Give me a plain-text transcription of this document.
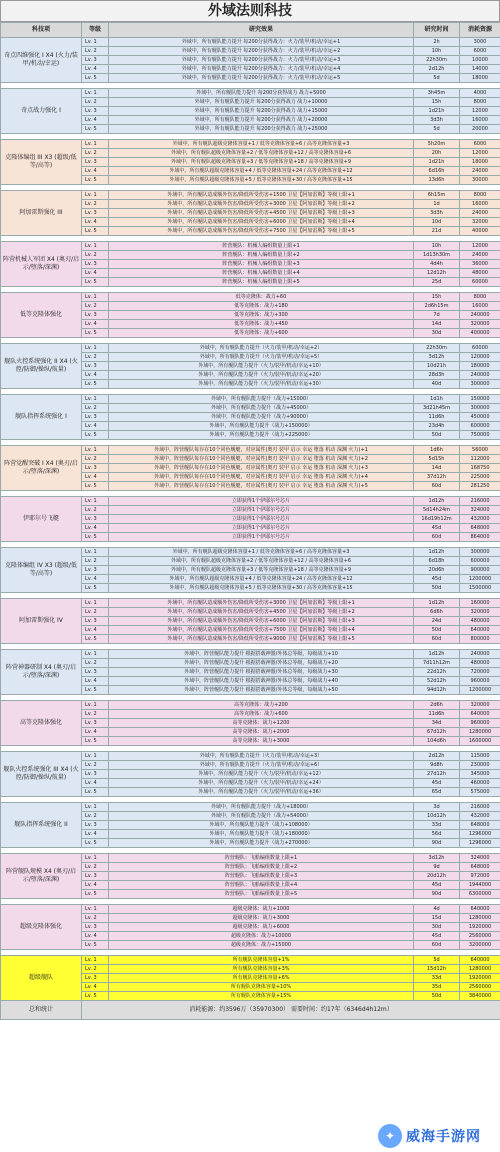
外域法则科技
科技项	等级	研究效果	研究时间	消耗资源
奇点四维强化 I X4 (火力/装甲/机动/幸运)	Lv. 1	外域中，所有舰队能力提升 每200分获得战力：火力/装甲/机动/幸运+1	2h	3000
	Lv. 2	外域中，所有舰队能力提升 每200分获得战力：火力/装甲/机动/幸运+2	10h	6000
	Lv. 3	外域中，所有舰队能力提升 每200分获得战力：火力/装甲/机动/幸运+3	22h30m	10000
	Lv. 4	外域中，所有舰队能力提升 每200分获得战力：火力/装甲/机动/幸运+4	2d12h	14000
	Lv. 5	外域中，所有舰队能力提升 每200分获得战力：火力/装甲/机动/幸运+5	5d	18000

奇点战力强化 I	Lv. 1	外域中，所有舰队能力提升 每200分获得战力 战力+5000	3h45m	4000
	Lv. 2	外域中，所有舰队能力提升 每200分获得战力 战力+10000	15h	8000
	Lv. 3	外域中，所有舰队能力提升 每200分获得战力 战力+15000	1d21h	12000
	Lv. 4	外域中，所有舰队能力提升 每200分获得战力 战力+20000	3d3h	16000
	Lv. 5	外域中，所有舰队能力提升 每200分获得战力 战力+25000	5d	20000

克隆体编组 III X3 (超级/低等/高等)	Lv. 1	外域中，所有舰队超级克隆体容量+1 / 低等克隆体容量+6 / 高等克隆体容量+3	5h20m	6000
	Lv. 2	外域中，所有舰队超级克隆体容量+2 / 低等克隆体容量+12 / 高等克隆体容量+6	20h	12000
	Lv. 3	外域中，所有舰队超级克隆体容量+3 / 低等克隆体容量+18 / 高等克隆体容量+9	1d21h	18000
	Lv. 4	外域中，所有舰队超级克隆体容量+4 / 低等克隆体容量+24 / 高等克隆体容量+12	6d16h	24000
	Lv. 5	外域中，所有舰队超级克隆体容量+5 / 低等克隆体容量+30 / 高等克隆体容量+15	13d6h	30000

阿加雷斯强化 III	Lv. 1	外域中，所有舰队造成额外伤害/降低所受伤害+1500 卫星【阿加雷斯】等级上限+1	6h15m	8000
	Lv. 2	外域中，所有舰队造成额外伤害/降低所受伤害+3000 卫星【阿加雷斯】等级上限+2	1d	16000
	Lv. 3	外域中，所有舰队造成额外伤害/降低所受伤害+4500 卫星【阿加雷斯】等级上限+3	3d3h	24000
	Lv. 4	外域中，所有舰队造成额外伤害/降低所受伤害+6000 卫星【阿加雷斯】等级上限+4	10d	32000
	Lv. 5	外域中，所有舰队造成额外伤害/降低所受伤害+7500 卫星【阿加雷斯】等级上限+5	21d	40000

阵营机械人军团 X4 (奥刃/启示/堕落/深渊)	Lv. 1	阵营舰队：机械人编组数量上限+1	10h	12000
	Lv. 2	阵营舰队：机械人编组数量上限+2	1d13h30m	24000
	Lv. 3	阵营舰队：机械人编组数量上限+3	4d4h	36000
	Lv. 4	阵营舰队：机械人编组数量上限+4	12d12h	48000
	Lv. 5	阵营舰队：机械人编组数量上限+5	25d	60000

低等克隆体强化	Lv. 1	低等克隆体：战力+60	15h	8000
	Lv. 2	低等克隆体：战力+180	2d6h15m	16000
	Lv. 3	低等克隆体：战力+300	7d	240000
	Lv. 4	低等克隆体：战力+450	14d	320000
	Lv. 5	低等克隆体：战力+600	30d	400000

舰队火控系统强化 II X4 (火控/防御/操纵/航量)	Lv. 1	外域中，所有舰队能力提升（火力/装甲/机动/幸运+2）	22h30m	60000
	Lv. 2	外域中，所有舰队能力提升（火力/装甲/机动/幸运+5）	3d12h	120000
	Lv. 3	外域中，所有舰队能力提升（火力/装甲/机动/幸运+10）	10d21h	180000
	Lv. 4	外域中，所有舰队能力提升（火力/装甲/机动/幸运+20）	28d3h	240000
	Lv. 5	外域中，所有舰队能力提升（火力/装甲/机动/幸运+30）	40d	300000

舰队指挥系统强化 I	Lv. 1	外域中，所有舰队能力提升（战力+15000）	1d1h	150000
	Lv. 2	外域中，所有舰队能力提升（战力+45000）	3d21h45m	300000
	Lv. 3	外域中，所有舰队能力提升（战力+90000）	11d6h	450000
	Lv. 4	外域中，所有舰队能力提升（战力+150000）	23d4h	600000
	Lv. 5	外域中，所有舰队能力提升（战力+225000）	50d	750000

阵营觉醒突破 I X4 (奥刃/启示/堕落/深渊)	Lv. 1	外域中，阵营舰队每存在10个同色舰艇，对应属性(奥刃 装甲 启示 幸运 堕落 机动 深渊 火力)+1	1d6h	56000
	Lv. 2	外域中，阵营舰队每存在10个同色舰艇，对应属性(奥刃 装甲 启示 幸运 堕落 机动 深渊 火力)+2	5d15h	112000
	Lv. 3	外域中，阵营舰队每存在10个同色舰艇，对应属性(奥刃 装甲 启示 幸运 堕落 机动 深渊 火力)+3	14d	168750
	Lv. 4	外域中，阵营舰队每存在10个同色舰艇，对应属性(奥刃 装甲 启示 幸运 堕落 机动 深渊 火力)+4	37d12h	225000
	Lv. 5	外域中，阵营舰队每存在10个同色舰艇，对应属性(奥刃 装甲 启示 幸运 堕落 机动 深渊 火力)+5	60d	281250

伊耶尔号飞艇	Lv. 1	立即获得1个伊耶尔号芯片	1d12h	216000
	Lv. 2	立即获得1个伊耶尔号芯片	5d14h24m	324000
	Lv. 3	立即获得1个伊耶尔号芯片	16d19h12m	432000
	Lv. 4	立即获得1个伊耶尔号芯片	45d	648000
	Lv. 5	立即获得1个伊耶尔号芯片	60d	864000

克隆体编组 IV X3 (超级/低等/高等)	Lv. 1	外域中，所有舰队超级克隆体容量+1 / 低等克隆体容量+6 / 高等克隆体容量+3	1d12h	300000
	Lv. 2	外域中，所有舰队超级克隆体容量+2 / 低等克隆体容量+12 / 高等克隆体容量+6	6d18h	600000
	Lv. 3	外域中，所有舰队超级克隆体容量+3 / 低等克隆体容量+18 / 高等克隆体容量+9	20d6h	900000
	Lv. 4	外域中，所有舰队超级克隆体容量+4 / 低等克隆体容量+24 / 高等克隆体容量+12	45d	1200000
	Lv. 5	外域中，所有舰队超级克隆体容量+5 / 低等克隆体容量+30 / 高等克隆体容量+15	50d	1500000

阿加雷斯强化 IV	Lv. 1	外域中，所有舰队造成额外伤害/降低所受伤害+3000 卫星【阿加雷斯】等级上限+1	1d12h	160000
	Lv. 2	外域中，所有舰队造成额外伤害/降低所受伤害+4500 卫星【阿加雷斯】等级上限+2	6d6h	320000
	Lv. 3	外域中，所有舰队造成额外伤害/降低所受伤害+6000 卫星【阿加雷斯】等级上限+3	24d	480000
	Lv. 4	外域中，所有舰队造成额外伤害/降低所受伤害+7500 卫星【阿加雷斯】等级上限+4	50d	640000
	Lv. 5	外域中，所有舰队造成额外伤害/降低所受伤害+9000 卫星【阿加雷斯】等级上限+5	60d	800000

阵营神器研制 X4 (奥刃/启示/堕落/深渊)	Lv. 1	外域中，阵营舰队能力提升 根据搭载神器/外体总等级，每级战力+10	1d12h	240000
	Lv. 2	外域中，阵营舰队能力提升 根据搭载神器/外体总等级，每级战力+20	7d11h12m	480000
	Lv. 3	外域中，阵营舰队能力提升 根据搭载神器/外体总等级，每级战力+30	22d12h	720000
	Lv. 4	外域中，阵营舰队能力提升 根据搭载神器/外体总等级，每级战力+40	52d12h	960000
	Lv. 5	外域中，阵营舰队能力提升 根据搭载神器/外体总等级，每级战力+50	94d12h	1200000

高等克隆体强化	Lv. 1	高等克隆体：战力+200	2d6h	320000
	Lv. 2	高等克隆体：战力+600	11d6h	640000
	Lv. 3	高等克隆体：战力+1200	34d	960000
	Lv. 4	高等克隆体：战力+2000	67d12h	1280000
	Lv. 5	高等克隆体：战力+3000	104d6h	1600000

舰队火控系统强化 III X4 (火控/防御/操纵/航量)	Lv. 1	外域中，所有舰队能力提升（火力/装甲/机动/幸运+3）	2d12h	115000
	Lv. 2	外域中，所有舰队能力提升（火力/装甲/机动/幸运+6）	9d8h	230000
	Lv. 3	外域中，所有舰队能力提升（火力/装甲/机动/幸运+12）	27d12h	345000
	Lv. 4	外域中，所有舰队能力提升（火力/装甲/机动/幸运+24）	45d	460000
	Lv. 5	外域中，所有舰队能力提升（火力/装甲/机动/幸运+36）	65d	575000

舰队指挥系统强化 II	Lv. 1	外域中，所有舰队能力提升（战力+18000）	3d	216000
	Lv. 2	外域中，所有舰队能力提升（战力+54000）	10d12h	432000
	Lv. 3	外域中，所有舰队能力提升（战力+108000）	33d	648000
	Lv. 4	外域中，所有舰队能力提升（战力+180000）	56d	1296000
	Lv. 5	外域中，所有舰队能力提升（战力+270000）	90d	1296000

阵营舰队规模 X4 (奥刃/启示/堕落/深渊)	Lv. 1	阵营舰队：飞船编组数量上限+1	3d12h	324000
	Lv. 2	阵营舰队：飞船编组数量上限+2	9d	648000
	Lv. 3	阵营舰队：飞船编组数量上限+3	20d12h	972000
	Lv. 4	阵营舰队：飞船编组数量上限+4	45d	1944000
	Lv. 5	阵营舰队：飞船编组数量上限+5	90d	6300000

超级克隆体强化	Lv. 1	超级克隆体：战力+1000	4d	640000
	Lv. 2	超级克隆体：战力+3000	15d	1280000
	Lv. 3	超级克隆体：战力+6000	30d	1920000
	Lv. 4	超级克隆体：战力+10000	45d	2560000
	Lv. 5	超级克隆体：战力+15000	60d	3200000

超级舰队	Lv. 1	所有舰队克隆体容量+1%	5d	640000
	Lv. 2	所有舰队克隆体容量+3%	15d12h	1280000
	Lv. 3	所有舰队克隆体容量+6%	33d	1920000
	Lv. 4	所有舰队克隆体容量+10%	35d	2560000
	Lv. 5	所有舰队克隆体容量+15%	50d	3840000
总和统计	消耗能源：约3596万（35970300） 需要时间：约17年（6346d4h12m）			
✦ 威海手游网
